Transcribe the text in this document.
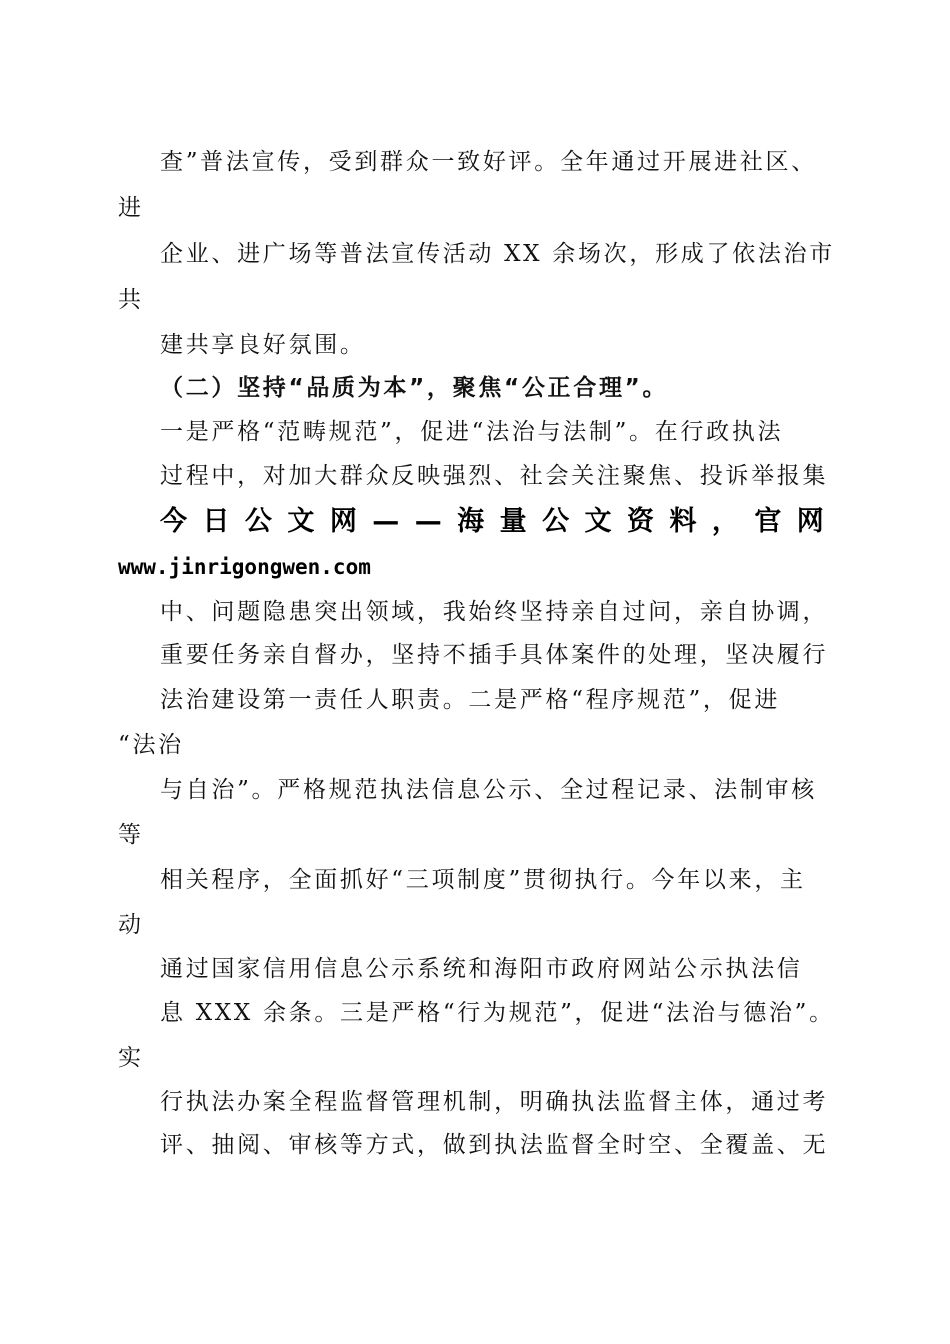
查”普法宣传，受到群众一致好评。全年通过开展进社区、

进

企业、进广场等普法宣传活动 XX 余场次，形成了依法治市

共

建共享良好氛围。

（二）坚持“品质为本”，聚焦“公正合理”。

一是严格“范畴规范”，促进“法治与法制”。在行政执法

过程中，对加大群众反映强烈、社会关注聚焦、投诉举报集

今 日 公 文 网 — — 海 量 公 文 资 料 ， 官 网

www.jinrigongwen.com

中、问题隐患突出领域，我始终坚持亲自过问，亲自协调，

重要任务亲自督办，坚持不插手具体案件的处理，坚决履行

法治建设第一责任人职责。二是严格“程序规范”，促进

“法治

与自治”。严格规范执法信息公示、全过程记录、法制审核

等

相关程序，全面抓好“三项制度”贯彻执行。今年以来，主

动

通过国家信用信息公示系统和海阳市政府网站公示执法信

息 XXX 余条。三是严格“行为规范”，促进“法治与德治”。

实

行执法办案全程监督管理机制，明确执法监督主体，通过考

评、抽阅、审核等方式，做到执法监督全时空、全覆盖、无
